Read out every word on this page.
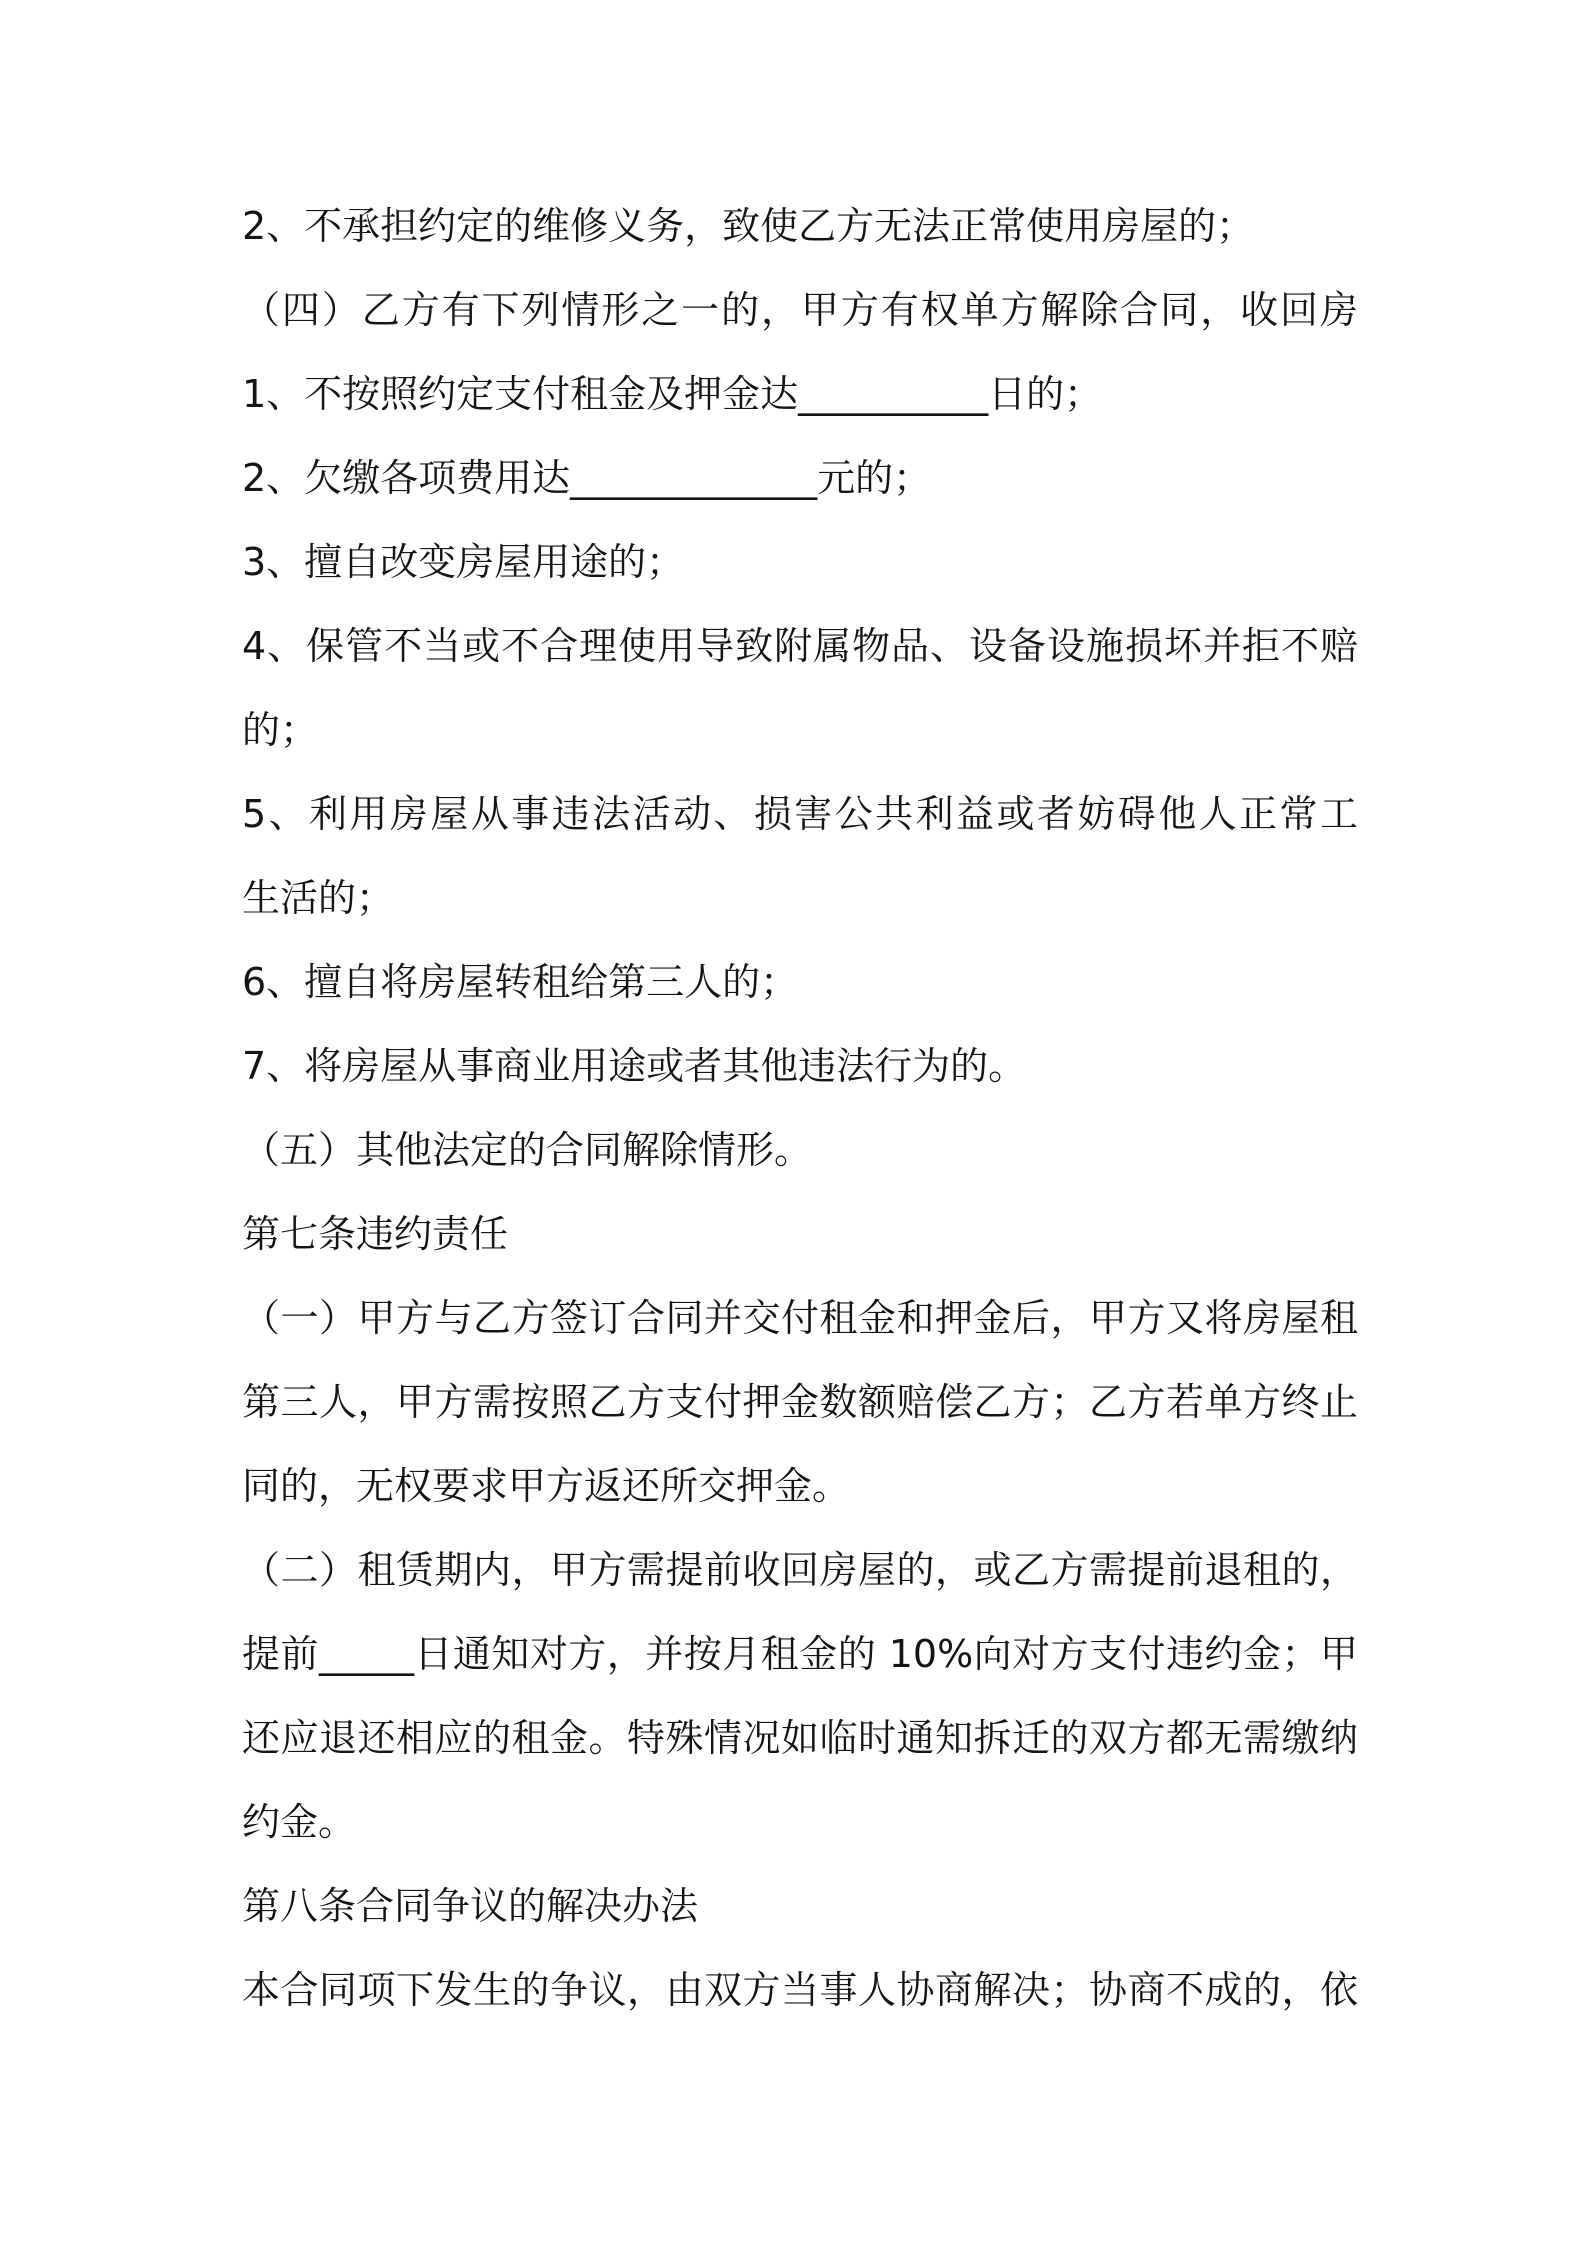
2、不承担约定的维修义务，致使乙方无法正常使用房屋的；
（四）乙方有下列情形之一的，甲方有权单方解除合同，收回房
1、不按照约定支付租金及押金达__________日的；
2、欠缴各项费用达_____________元的；
3、擅自改变房屋用途的；
4、保管不当或不合理使用导致附属物品、设备设施损坏并拒不赔
的；
5、利用房屋从事违法活动、损害公共利益或者妨碍他人正常工
生活的；
6、擅自将房屋转租给第三人的；
7、将房屋从事商业用途或者其他违法行为的。
（五）其他法定的合同解除情形。
第七条违约责任
（一）甲方与乙方签订合同并交付租金和押金后，甲方又将房屋租
第三人，甲方需按照乙方支付押金数额赔偿乙方；乙方若单方终止
同的，无权要求甲方返还所交押金。
（二）租赁期内，甲方需提前收回房屋的，或乙方需提前退租的，
提前_____日通知对方，并按月租金的 10%向对方支付违约金；甲
还应退还相应的租金。特殊情况如临时通知拆迁的双方都无需缴纳
约金。
第八条合同争议的解决办法
本合同项下发生的争议，由双方当事人协商解决；协商不成的，依
